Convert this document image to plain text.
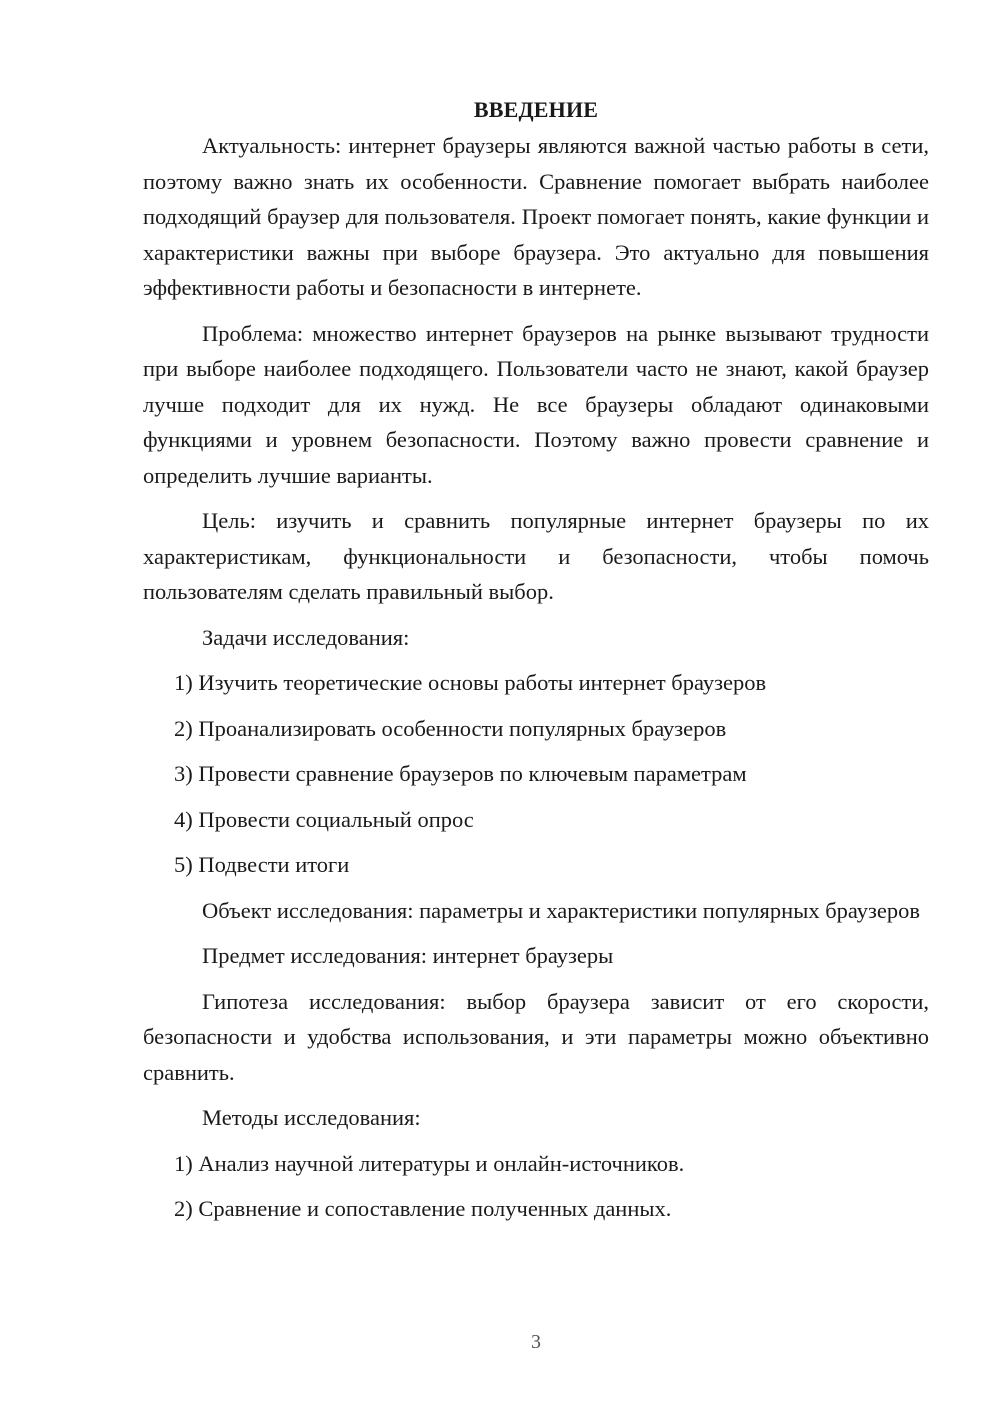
ВВЕДЕНИЕ

Актуальность: интернет браузеры являются важной частью работы в сети, поэтому важно знать их особенности. Сравнение помогает выбрать наиболее подходящий браузер для пользователя. Проект помогает понять, какие функции и характеристики важны при выборе браузера. Это актуально для повышения эффективности работы и безопасности в интернете.

Проблема: множество интернет браузеров на рынке вызывают трудности при выборе наиболее подходящего. Пользователи часто не знают, какой браузер лучше подходит для их нужд. Не все браузеры обладают одинаковыми функциями и уровнем безопасности. Поэтому важно провести сравнение и определить лучшие варианты.

Цель: изучить и сравнить популярные интернет браузеры по их характеристикам, функциональности и безопасности, чтобы помочь пользователям сделать правильный выбор.

Задачи исследования:

1) Изучить теоретические основы работы интернет браузеров
2) Проанализировать особенности популярных браузеров
3) Провести сравнение браузеров по ключевым параметрам
4) Провести социальный опрос
5) Подвести итоги

Объект исследования: параметры и характеристики популярных браузеров

Предмет исследования: интернет браузеры

Гипотеза исследования: выбор браузера зависит от его скорости, безопасности и удобства использования, и эти параметры можно объективно сравнить.

Методы исследования:

1) Анализ научной литературы и онлайн-источников.
2) Сравнение и сопоставление полученных данных.
3
